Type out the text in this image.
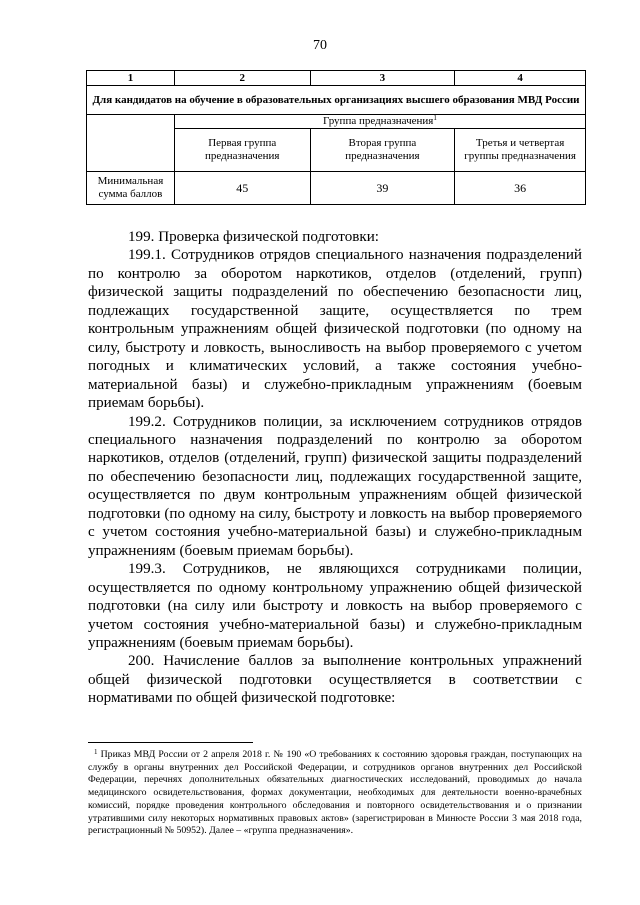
70
1	2	3	4
Для кандидатов на обучение в образовательных организациях высшего образования МВД России			
	Группа предназначения$^1$
	Первая группа предназначения	Вторая группа предназначения	Третья и четвертая группы предназначения
Минимальная сумма баллов	45	39	36

199. Проверка физической подготовки:

199.1. Сотрудников отрядов специального назначения подразделений по контролю за оборотом наркотиков, отделов (отделений, групп) физической защиты подразделений по обеспечению безопасности лиц, подлежащих государственной защите, осуществляется по трем контрольным упражнениям общей физической подготовки (по одному на силу, быстроту и ловкость, выносливость на выбор проверяемого с учетом погодных и климатических условий, а также состояния учебно-материальной базы) и служебно-прикладным упражнениям (боевым приемам борьбы).

199.2. Сотрудников полиции, за исключением сотрудников отрядов специального назначения подразделений по контролю за оборотом наркотиков, отделов (отделений, групп) физической защиты подразделений по обеспечению безопасности лиц, подлежащих государственной защите, осуществляется по двум контрольным упражнениям общей физической подготовки (по одному на силу, быстроту и ловкость на выбор проверяемого с учетом состояния учебно-материальной базы) и служебно-прикладным упражнениям (боевым приемам борьбы).

199.3. Сотрудников, не являющихся сотрудниками полиции, осуществляется по одному контрольному упражнению общей физической подготовки (на силу или быстроту и ловкость на выбор проверяемого с учетом состояния учебно-материальной базы) и служебно-прикладным упражнениям (боевым приемам борьбы).

200. Начисление баллов за выполнение контрольных упражнений общей физической подготовки осуществляется в соответствии с нормативами по общей физической подготовке:

$^1$ Приказ МВД России от 2 апреля 2018 г. № 190 «О требованиях к состоянию здоровья граждан, поступающих на службу в органы внутренних дел Российской Федерации, и сотрудников органов внутренних дел Российской Федерации, перечнях дополнительных обязательных диагностических исследований, проводимых до начала медицинского освидетельствования, формах документации, необходимых для деятельности военно-врачебных комиссий, порядке проведения контрольного обследования и повторного освидетельствования и о признании утратившими силу некоторых нормативных правовых актов» (зарегистрирован в Минюсте России 3 мая 2018 года, регистрационный № 50952). Далее – «группа предназначения».
